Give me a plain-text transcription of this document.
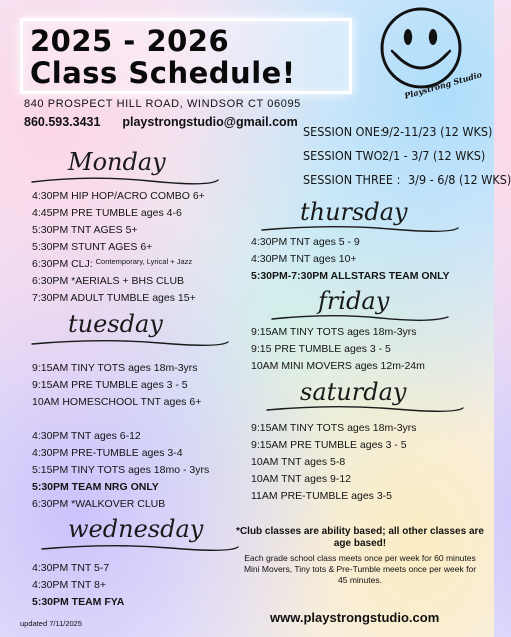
2025 - 2026
Class Schedule!
840 PROSPECT HILL ROAD, WINDSOR CT 06095
860.593.3431 playstrongstudio@gmail.com
Playstrong Studio
SESSION ONE:9/2-11/23 (12 WKS)
SESSION TWO:2/1 - 3/7 (12 WKS)
SESSION THREE : 3/9 - 6/8 (12 WKS)
Monday
4:30PM HIP HOP/ACRO COMBO 6+
4:45PM PRE TUMBLE ages 4-6
5:30PM TNT AGES 5+
5:30PM STUNT AGES 6+
6:30PM CLJ: $^{Contemporary, Lyrical + Jazz}$
6:30PM *AERIALS + BHS CLUB
7:30PM ADULT TUMBLE ages 15+
tuesday
9:15AM TINY TOTS ages 18m-3yrs
9:15AM PRE TUMBLE ages 3 - 5
10AM HOMESCHOOL TNT ages 6+
4:30PM TNT ages 6-12
4:30PM PRE-TUMBLE ages 3-4
5:15PM TINY TOTS ages 18mo - 3yrs
5:30PM TEAM NRG ONLY
6:30PM *WALKOVER CLUB
wednesday
4:30PM TNT 5-7
4:30PM TNT 8+
5:30PM TEAM FYA
thursday
4:30PM TNT ages 5 - 9
4:30PM TNT ages 10+
5:30PM-7:30PM ALLSTARS TEAM ONLY
friday
9:15AM TINY TOTS ages 18m-3yrs
9:15 PRE TUMBLE ages 3 - 5
10AM MINI MOVERS ages 12m-24m
saturday
9:15AM TINY TOTS ages 18m-3yrs
9:15AM PRE TUMBLE ages 3 - 5
10AM TNT ages 5-8
10AM TNT ages 9-12
11AM PRE-TUMBLE ages 3-5
*Club classes are ability based; all other classes are
age based!
Each grade school class meets once per week for 60 minutes
Mini Movers, Tiny tots & Pre-Tumble meets once per week for
45 minutes.
www.playstrongstudio.com
updated 7/11/2025
